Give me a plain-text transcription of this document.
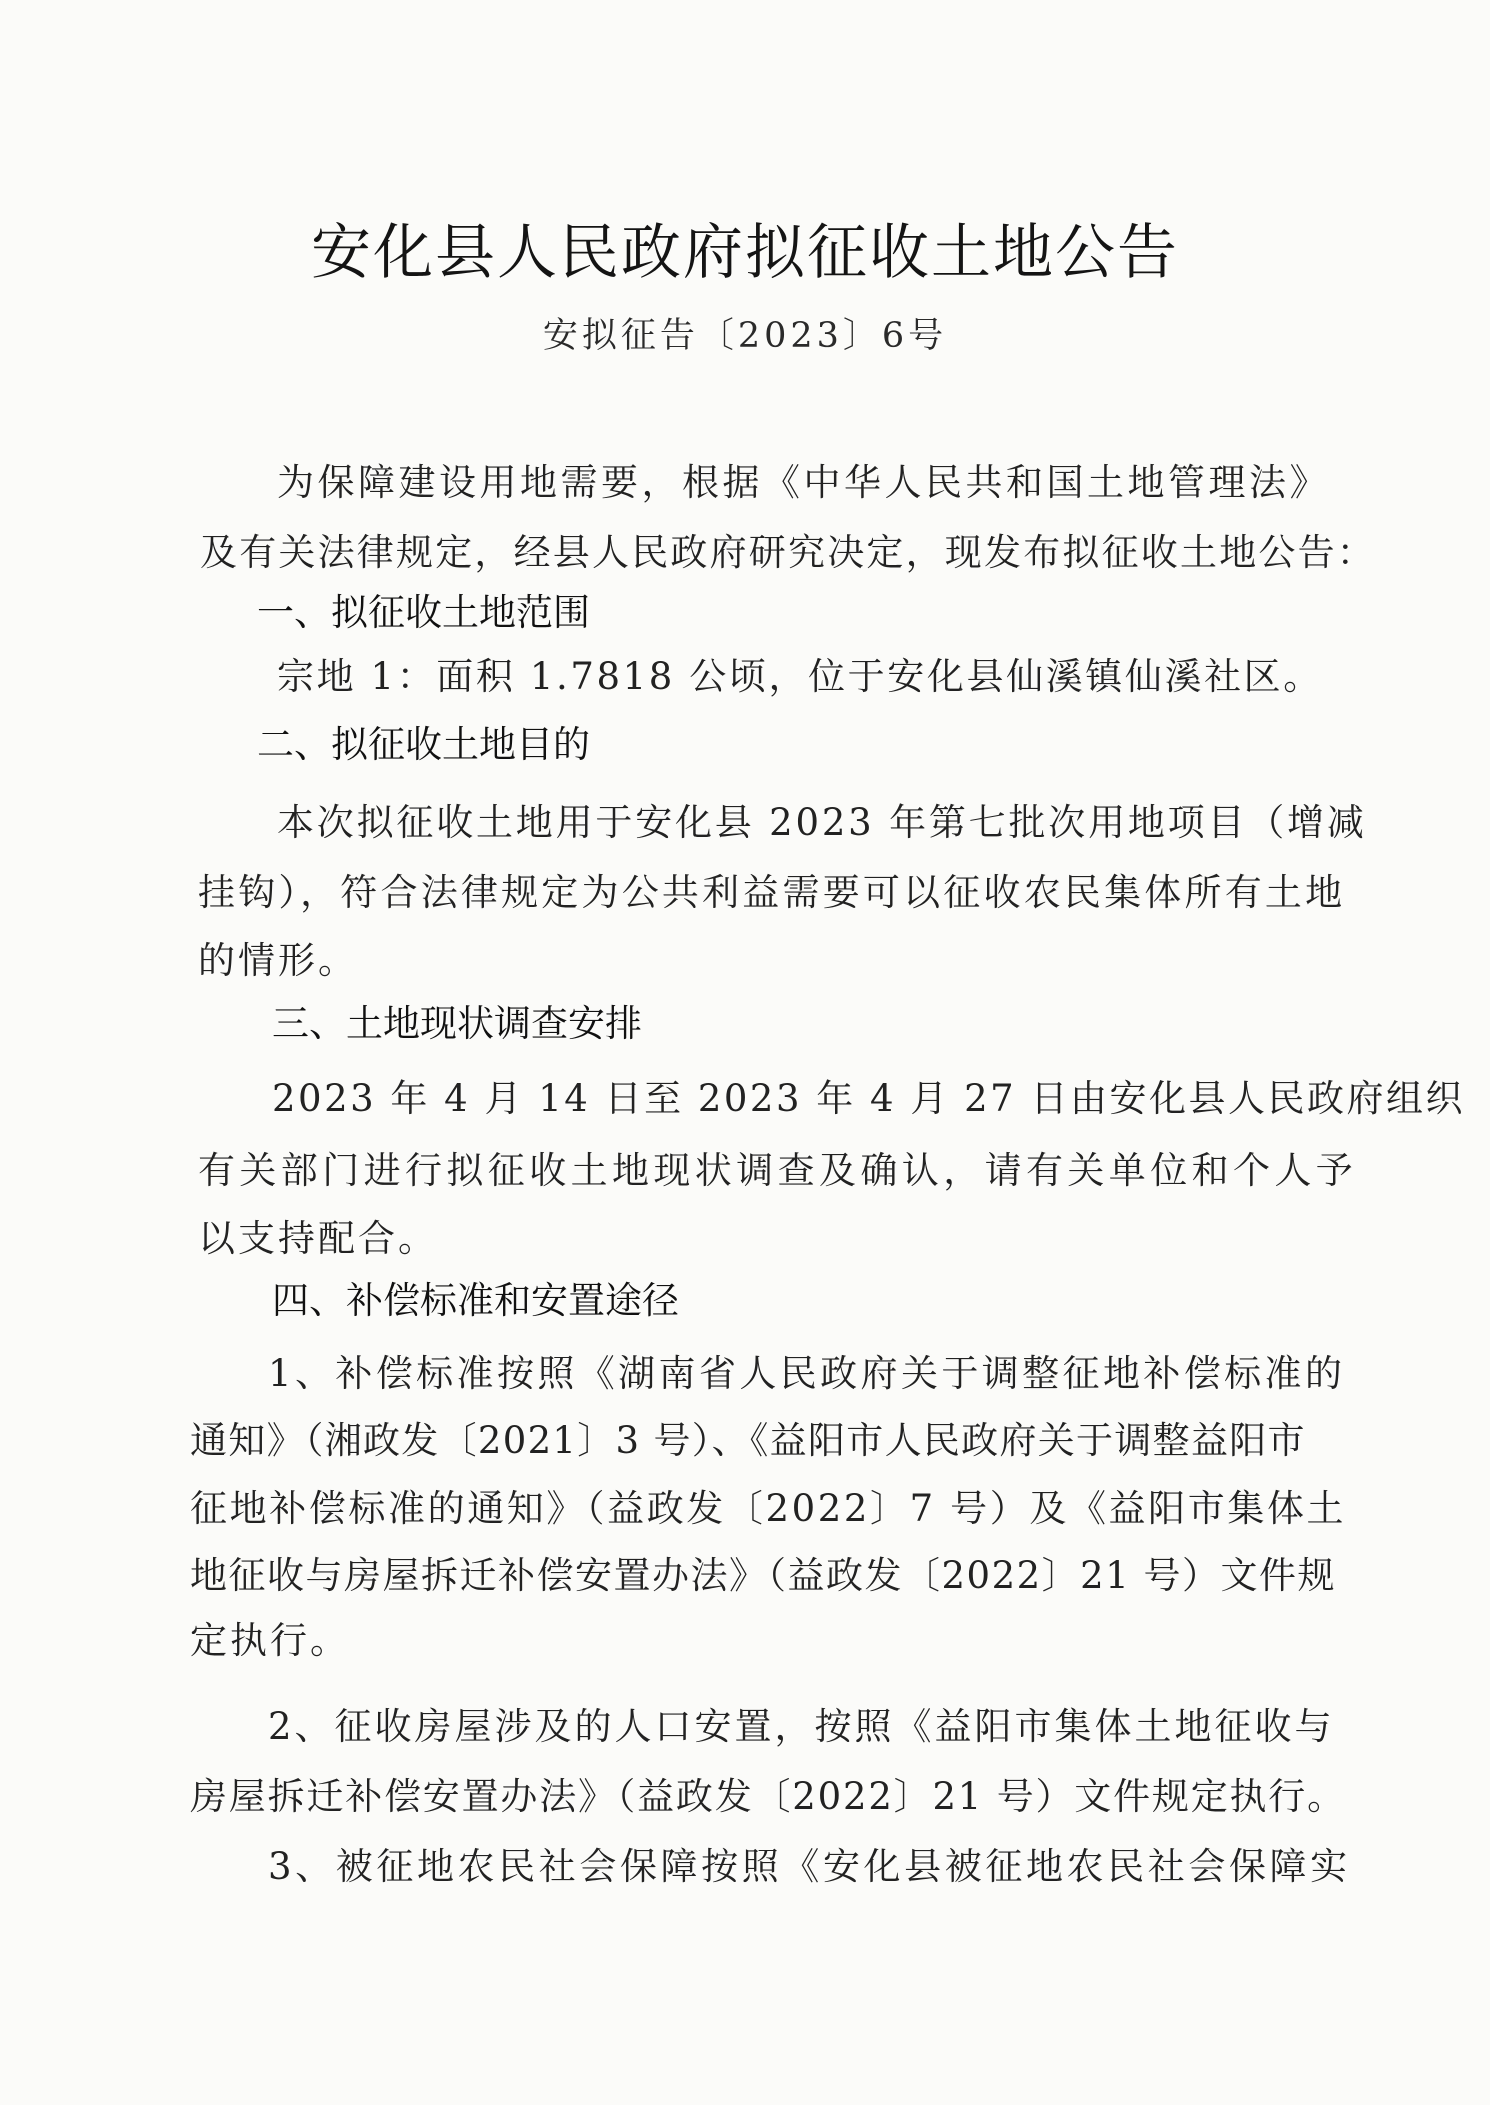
安化县人民政府拟征收土地公告
安拟征告〔2023〕6号
为保障建设用地需要，根据《中华人民共和国土地管理法》
及有关法律规定，经县人民政府研究决定，现发布拟征收土地公告：
一、拟征收土地范围
宗地 1：面积 1.7818 公顷，位于安化县仙溪镇仙溪社区。
二、拟征收土地目的
本次拟征收土地用于安化县 2023 年第七批次用地项目（增减
挂钩），符合法律规定为公共利益需要可以征收农民集体所有土地
的情形。
三、土地现状调查安排
2023 年 4 月 14 日至 2023 年 4 月 27 日由安化县人民政府组织
有关部门进行拟征收土地现状调查及确认，请有关单位和个人予
以支持配合。
四、补偿标准和安置途径
1、补偿标准按照《湖南省人民政府关于调整征地补偿标准的
通知》（湘政发〔2021〕3 号）、《益阳市人民政府关于调整益阳市
征地补偿标准的通知》（益政发〔2022〕7 号）及《益阳市集体土
地征收与房屋拆迁补偿安置办法》（益政发〔2022〕21 号）文件规
定执行。
2、征收房屋涉及的人口安置，按照《益阳市集体土地征收与
房屋拆迁补偿安置办法》（益政发〔2022〕21 号）文件规定执行。
3、被征地农民社会保障按照《安化县被征地农民社会保障实
